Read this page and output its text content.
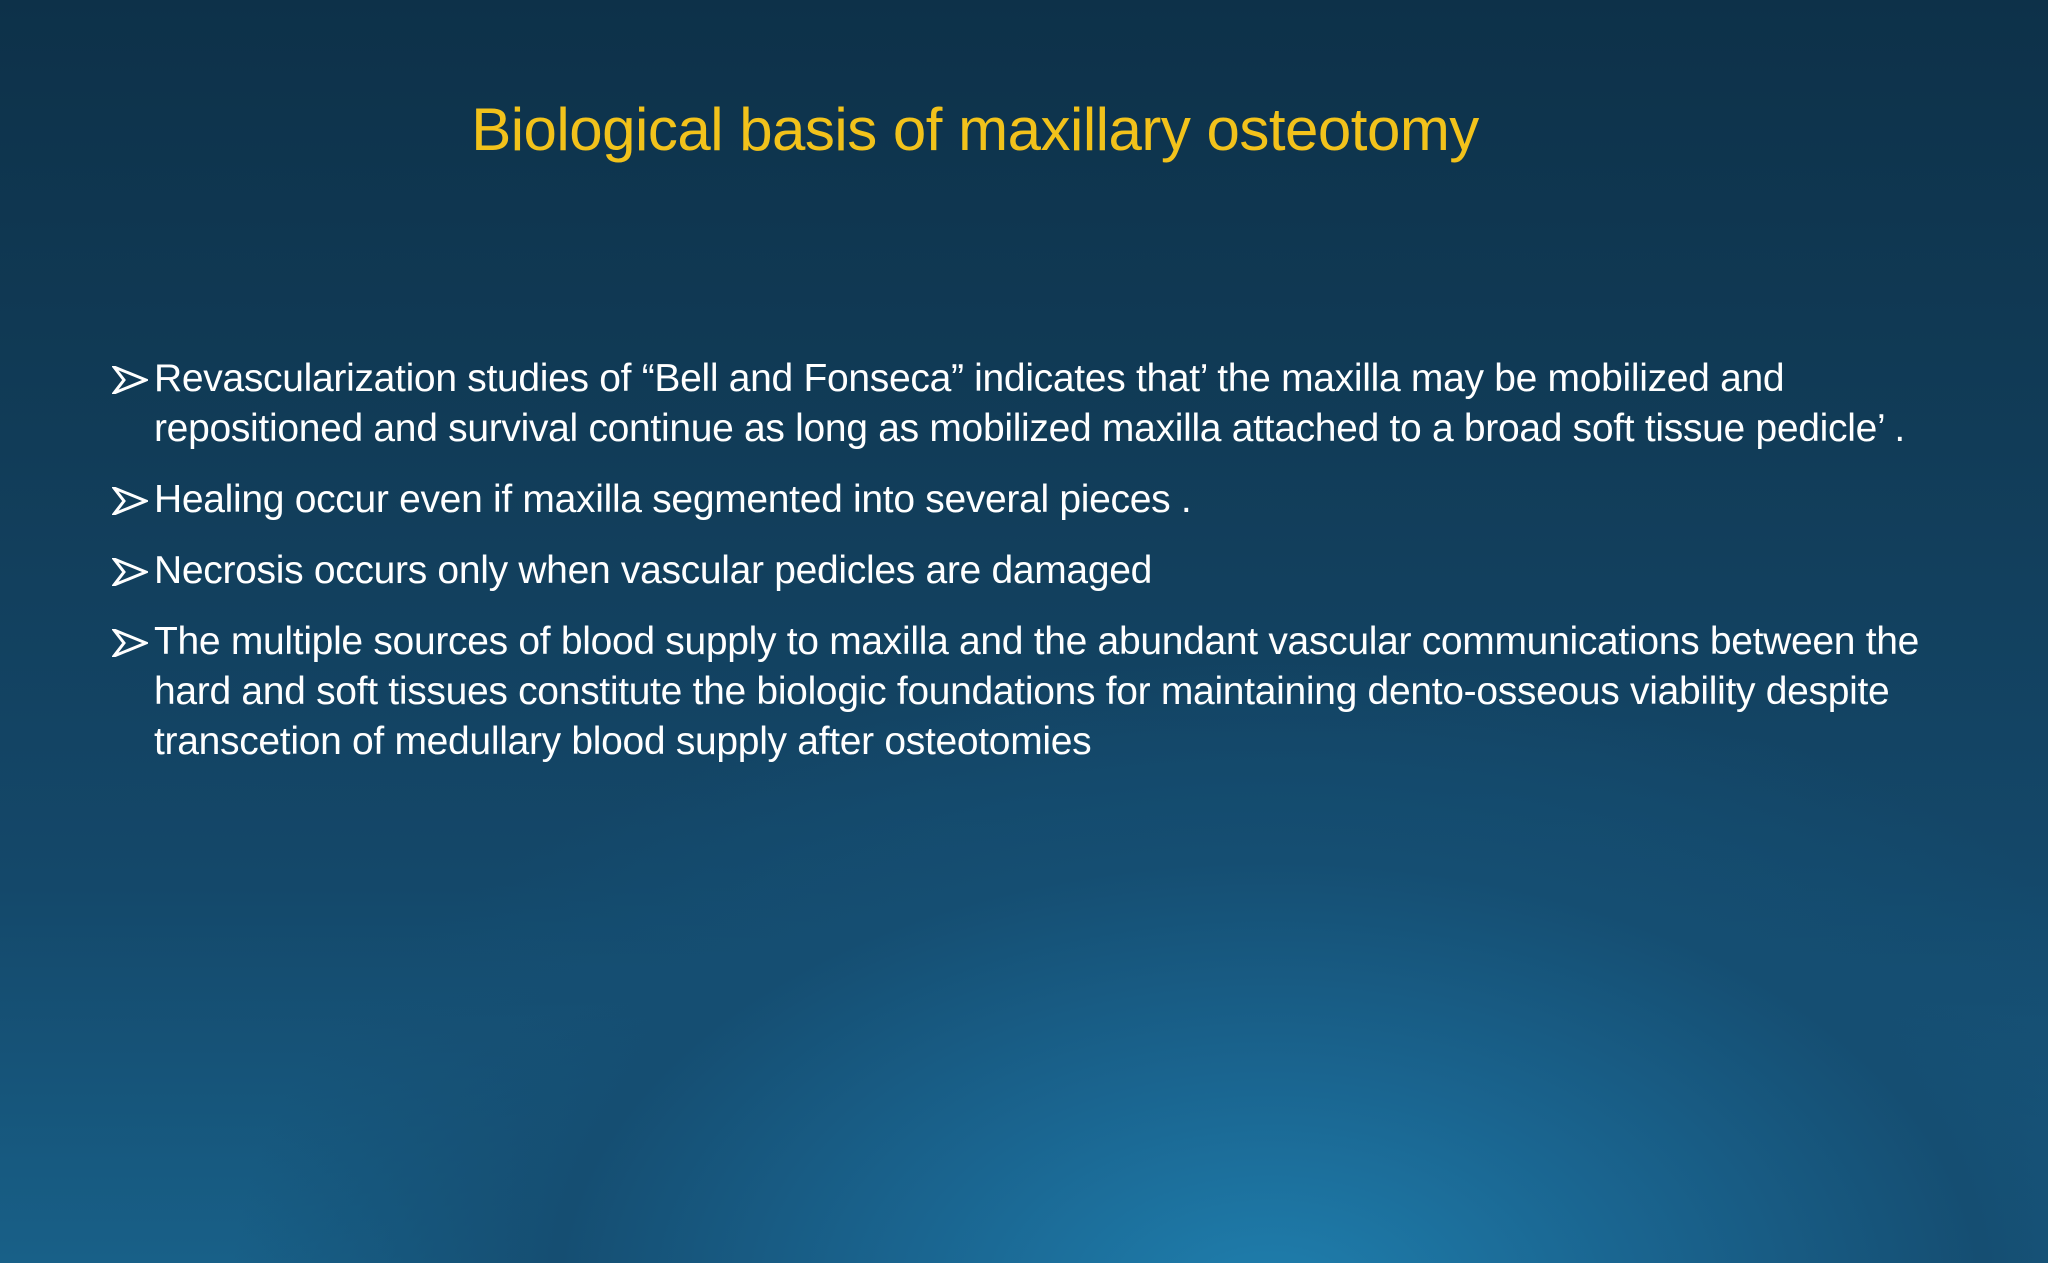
Biological basis of maxillary osteotomy
Revascularization studies of “Bell and Fonseca” indicates that’ the maxilla may be mobilized and repositioned and survival continue as long as mobilized maxilla attached to a broad soft tissue pedicle’ .
Healing occur even if maxilla segmented into several pieces .
Necrosis occurs only when vascular pedicles are damaged
The multiple sources of blood supply to maxilla and the abundant vascular communications between the hard and soft tissues constitute the biologic foundations for maintaining dento-osseous viability despite transcetion of medullary blood supply after osteotomies
